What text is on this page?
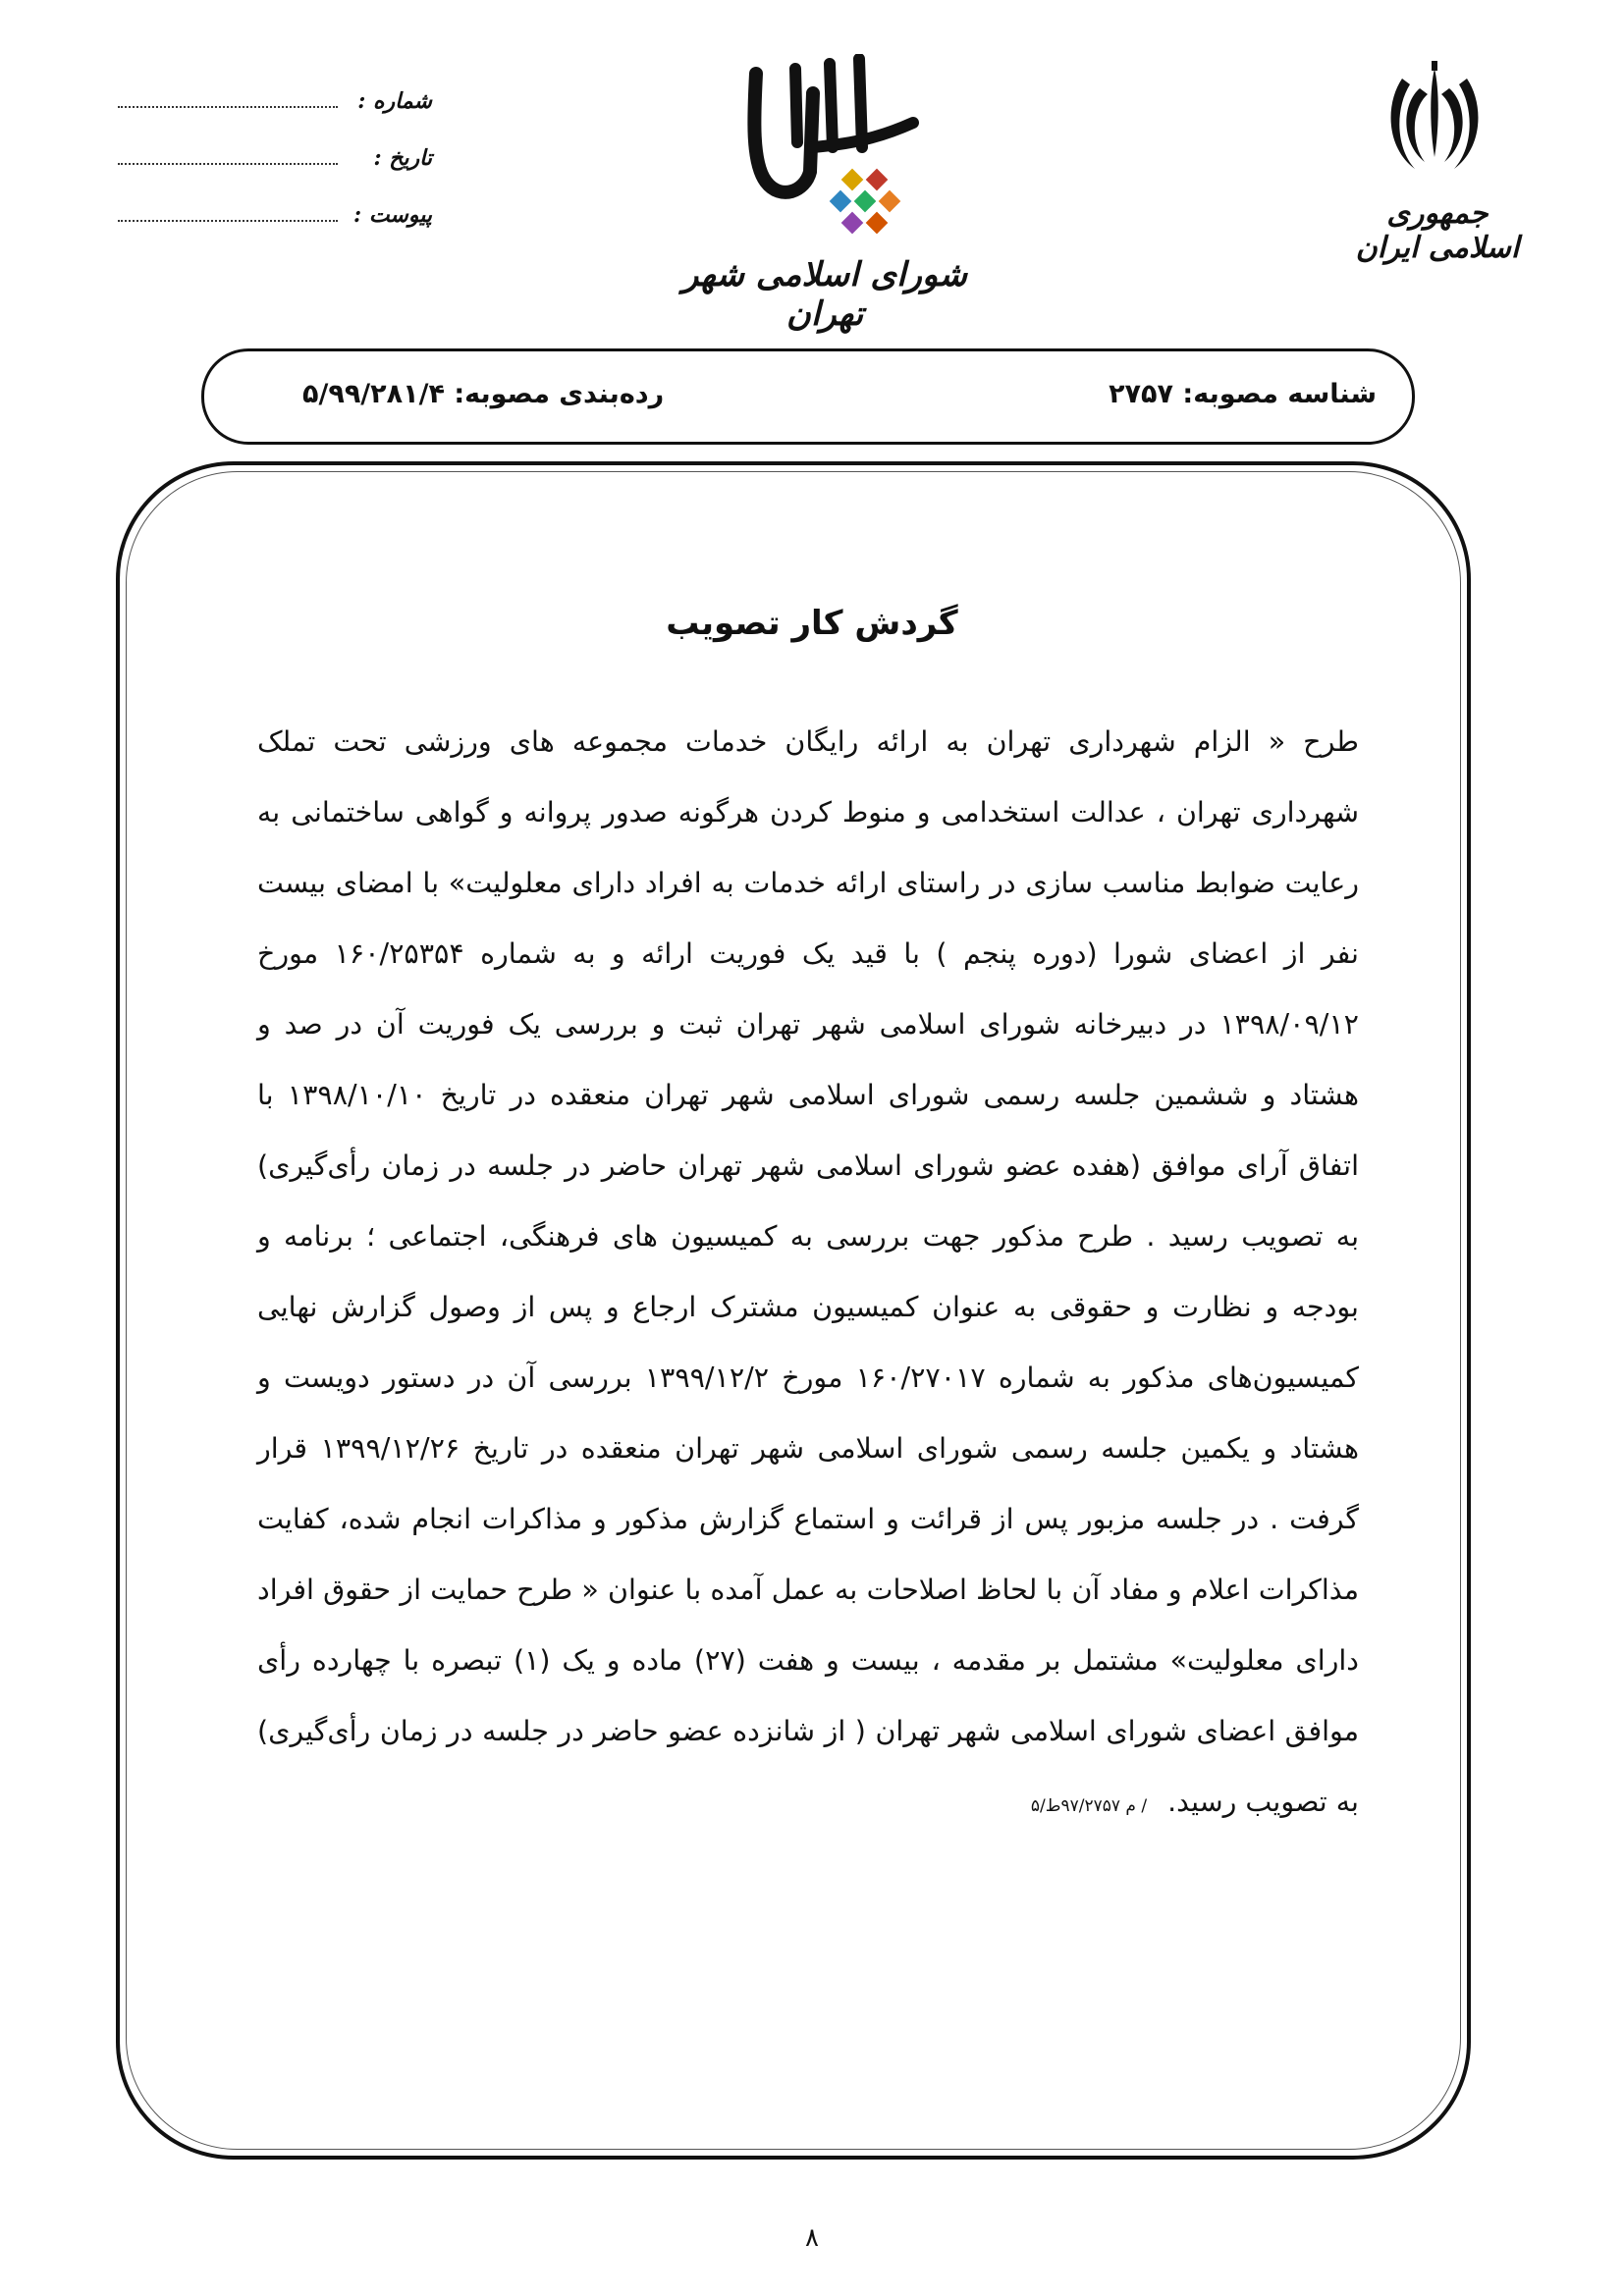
جمهوری اسلامی ایران
شورای اسلامی شهر تهران
شماره :
تاریخ :
پیوست :
شناسه مصوبه: ۲۷۵۷
رده‌بندی مصوبه: ۵/۹۹/۲۸۱/۴
گردش کار تصویب

طرح « الزام شهرداری تهران به ارائه رایگان خدمات مجموعه های ورزشی تحت تملک شهرداری تهران ، عدالت استخدامی و منوط کردن هرگونه صدور پروانه و گواهی ساختمانی به رعایت ضوابط مناسب سازی در راستای ارائه خدمات به افراد دارای معلولیت» با امضای بیست نفر از اعضای شورا (دوره پنجم ) با قید یک فوریت ارائه و به شماره ۱۶۰/۲۵۳۵۴ مورخ ۱۳۹۸/۰۹/۱۲ در دبیرخانه شورای اسلامی شهر تهران ثبت و بررسی یک فوریت آن در صد و هشتاد و ششمین جلسه رسمی شورای اسلامی شهر تهران منعقده در تاریخ ۱۳۹۸/۱۰/۱۰ با اتفاق آرای موافق (هفده عضو شورای اسلامی شهر تهران حاضر در جلسه در زمان رأی‌گیری) به تصویب رسید . طرح مذکور جهت بررسی به کمیسیون های فرهنگی، اجتماعی ؛ برنامه و بودجه و نظارت و حقوقی به عنوان کمیسیون مشترک ارجاع و پس از وصول گزارش نهایی کمیسیون‌های مذکور به شماره ۱۶۰/۲۷۰۱۷ مورخ ۱۳۹۹/۱۲/۲ بررسی آن در دستور دویست و هشتاد و یکمین جلسه رسمی شورای اسلامی شهر تهران منعقده در تاریخ ۱۳۹۹/۱۲/۲۶ قرار گرفت . در جلسه مزبور پس از قرائت و استماع گزارش مذکور و مذاکرات انجام شده، کفایت مذاکرات اعلام و مفاد آن با لحاظ اصلاحات به عمل آمده با عنوان « طرح حمایت از حقوق افراد دارای معلولیت» مشتمل بر مقدمه ، بیست و هفت (۲۷) ماده و یک (۱) تبصره با چهارده رأی موافق اعضای شورای اسلامی شهر تهران ( از شانزده عضو حاضر در جلسه در زمان رأی‌گیری) به تصویب رسید. / م ۹۷/۲۷۵۷ط/۵

۸
